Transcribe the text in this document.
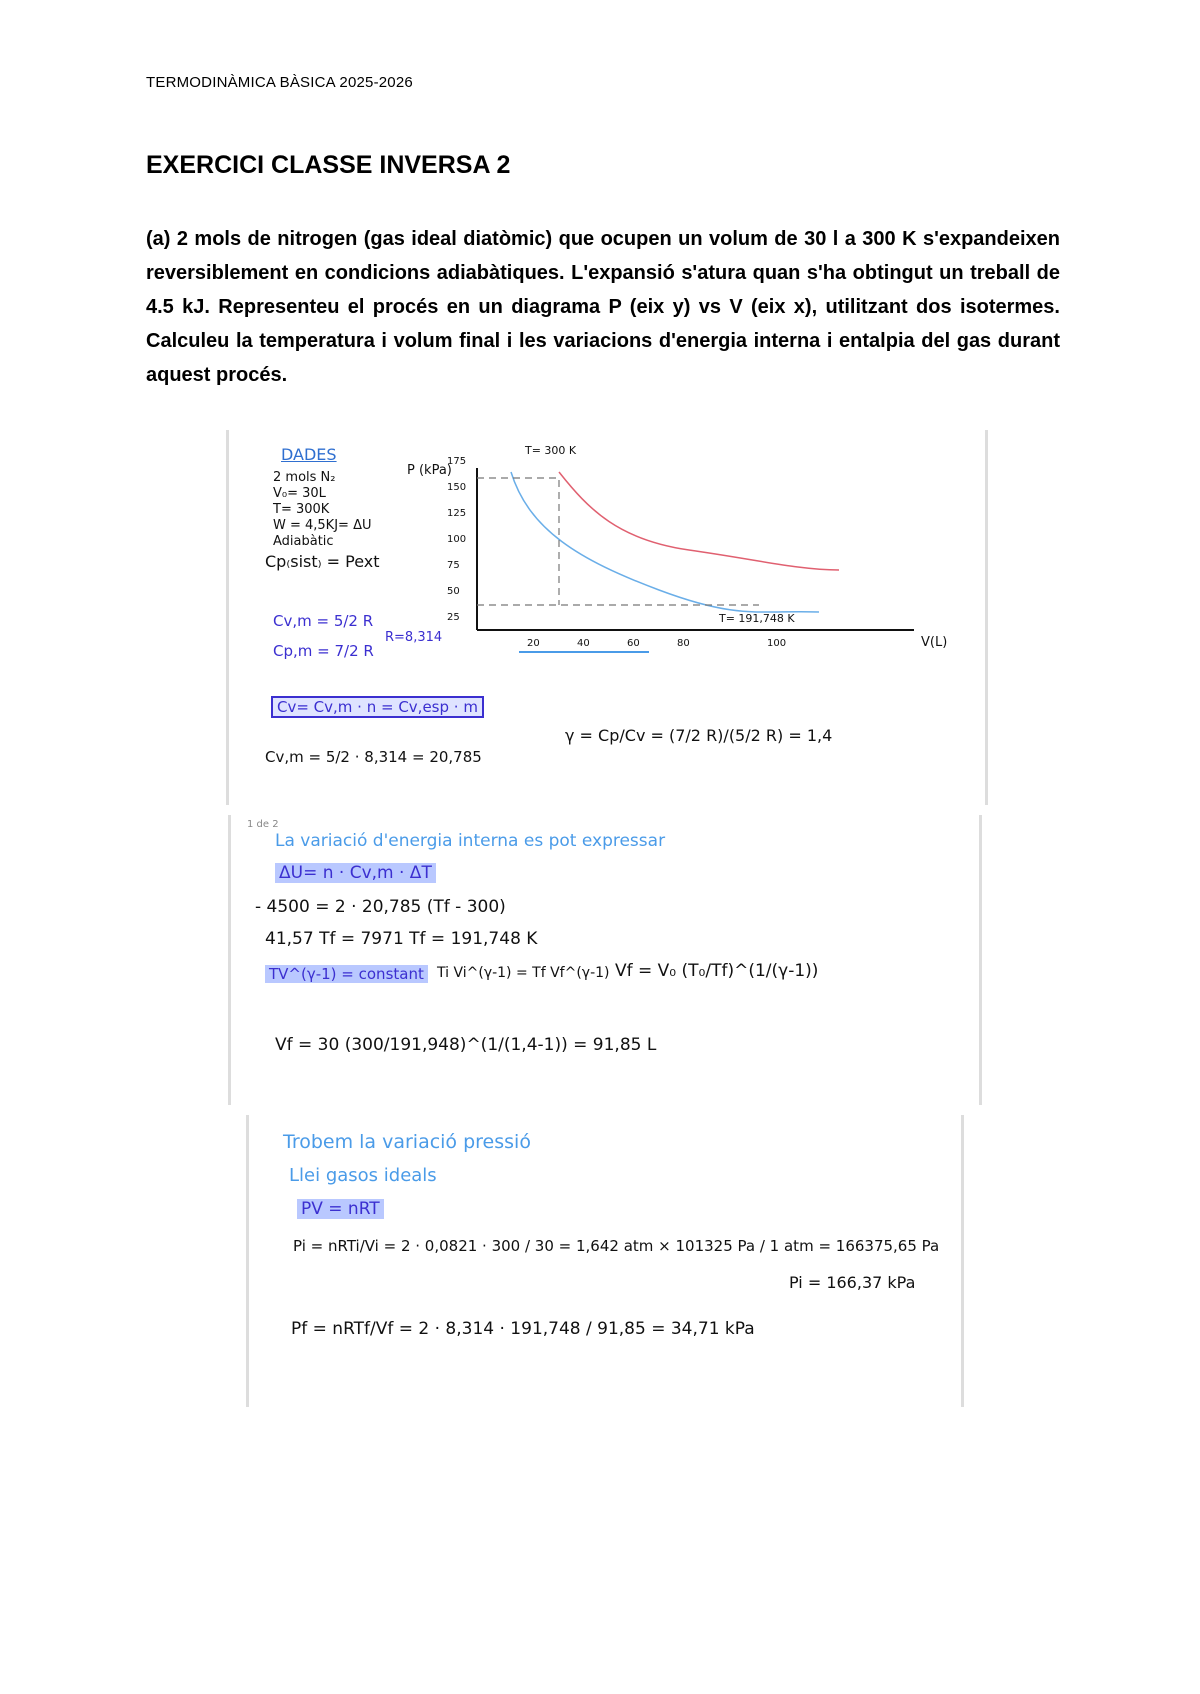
TERMODINÀMICA BÀSICA 2025-2026
EXERCICI CLASSE INVERSA 2
(a) 2 mols de nitrogen (gas ideal diatòmic) que ocupen un volum de 30 l a 300 K s'expandeixen reversiblement en condicions adiabàtiques. L'expansió s'atura quan s'ha obtingut un treball de 4.5 kJ. Representeu el procés en un diagrama P (eix y) vs V (eix x), utilitzant dos isotermes. Calculeu la temperatura i volum final i les variacions d'energia interna i entalpia del gas durant aquest procés.
DADES
2 mols N₂
V₀= 30L
T= 300K
W = 4,5KJ= ΔU
Adiabàtic
Cp₍sist₎ = Pext
Cv,m = 5/2 R
Cp,m = 7/2 R
R=8,314
Cv= Cv,m · n = Cv,esp · m
Cv,m = 5/2 · 8,314 = 20,785
γ = Cp/Cv = (7/2 R)/(5/2 R) = 1,4
P (kPa)
V(L)
175
150
125
100
75
50
25
20	40	60	80	100
T= 300 K
T= 191,748 K
1 de 2
La variació d'energia interna es pot expressar
ΔU= n · Cv,m · ΔT
- 4500 = 2 · 20,785 (Tf - 300)
41,57 Tf = 7971 Tf = 191,748 K
TV^(γ-1) = constant Ti Vi^(γ-1) = Tf Vf^(γ-1) Vf = V₀ (T₀/Tf)^(1/(γ-1))
Vf = 30 (300/191,948)^(1/(1,4-1)) = 91,85 L
Trobem la variació pressió
Llei gasos ideals
PV = nRT
Pi = nRTi/Vi = 2 · 0,0821 · 300 / 30 = 1,642 atm × 101325 Pa / 1 atm = 166375,65 Pa
Pi = 166,37 kPa
Pf = nRTf/Vf = 2 · 8,314 · 191,748 / 91,85 = 34,71 kPa
